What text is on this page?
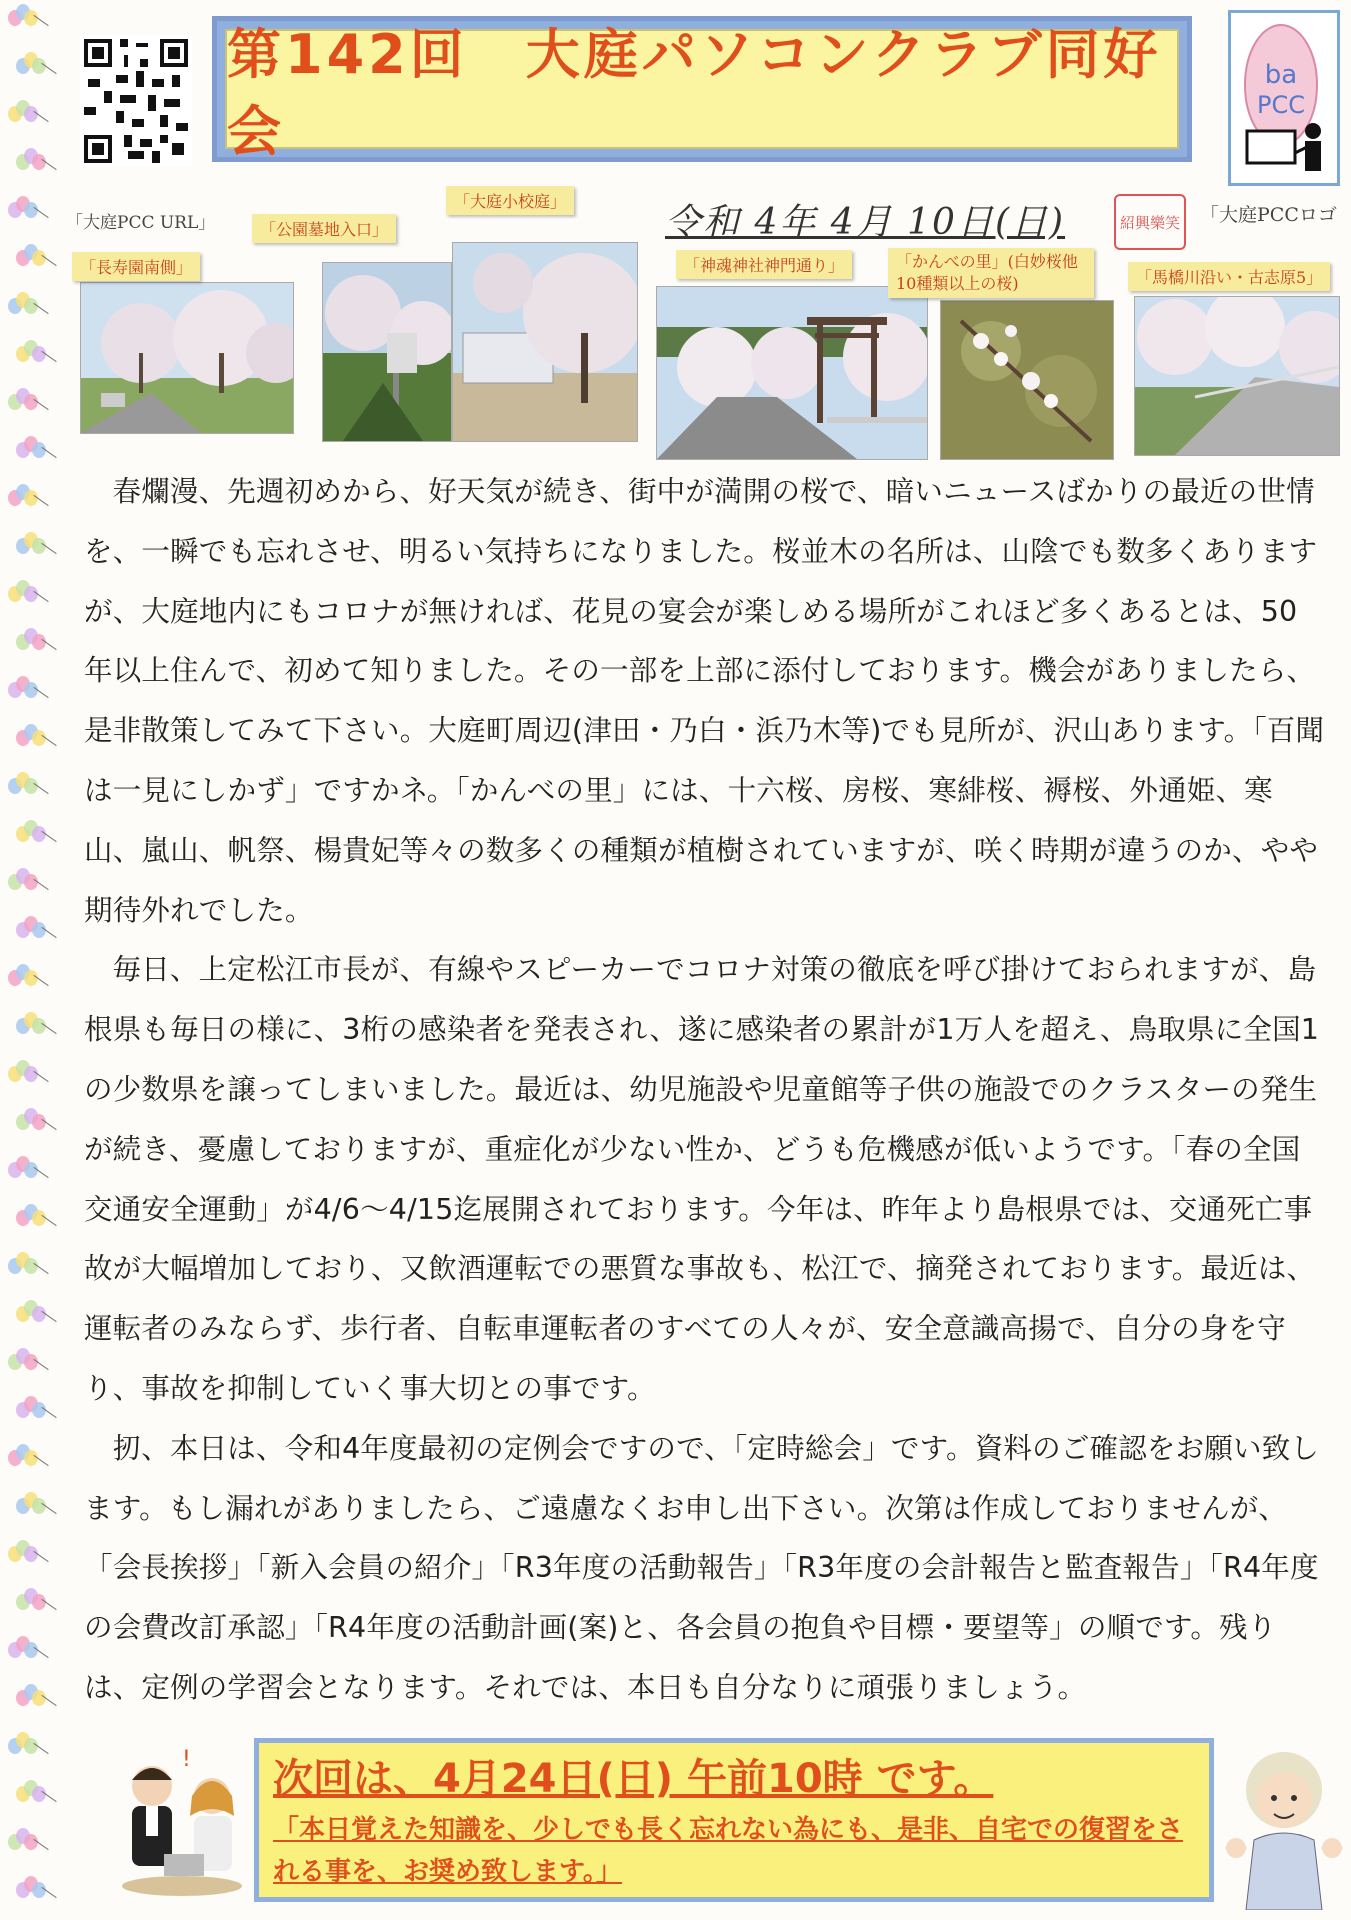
「大庭PCC URL」
第142回　大庭パソコンクラブ同好会
ba
PCC
「大庭PCCロゴ
令和 4年 4月 10日(日)	紹 興 樂 笑
「長寿園南側」
「公園墓地入口」
「大庭小校庭」
「神魂神社神門通り」	「かんべの里」(白妙桜他10種類以上の桜)	「馬橋川沿い・古志原5」

春爛漫、先週初めから、好天気が続き、街中が満開の桜で、暗いニュースばかりの最近の世情を、一瞬でも忘れさせ、明るい気持ちになりました。桜並木の名所は、山陰でも数多くありますが、大庭地内にもコロナが無ければ、花見の宴会が楽しめる場所がこれほど多くあるとは、50年以上住んで、初めて知りました。その一部を上部に添付しております。機会がありましたら、是非散策してみて下さい。大庭町周辺(津田・乃白・浜乃木等)でも見所が、沢山あります。「百聞は一見にしかず」ですかネ。「かんべの里」には、十六桜、房桜、寒緋桜、褥桜、外通姫、寒山、嵐山、帆祭、楊貴妃等々の数多くの種類が植樹されていますが、咲く時期が違うのか、やや期待外れでした。

毎日、上定松江市長が、有線やスピーカーでコロナ対策の徹底を呼び掛けておられますが、島根県も毎日の様に、3桁の感染者を発表され、遂に感染者の累計が1万人を超え、鳥取県に全国1の少数県を譲ってしまいました。最近は、幼児施設や児童館等子供の施設でのクラスターの発生が続き、憂慮しておりますが、重症化が少ない性か、どうも危機感が低いようです。「春の全国交通安全運動」が4/6～4/15迄展開されております。今年は、昨年より島根県では、交通死亡事故が大幅増加しており、又飲酒運転での悪質な事故も、松江で、摘発されております。最近は、運転者のみならず、歩行者、自転車運転者のすべての人々が、安全意識高揚で、自分の身を守り、事故を抑制していく事大切との事です。

扨、本日は、令和4年度最初の定例会ですので、「定時総会」です。資料のご確認をお願い致します。もし漏れがありましたら、ご遠慮なくお申し出下さい。次第は作成しておりませんが、「会長挨拶」「新入会員の紹介」「R3年度の活動報告」「R3年度の会計報告と監査報告」「R4年度の会費改訂承認」「R4年度の活動計画(案)と、各会員の抱負や目標・要望等」の順です。残りは、定例の学習会となります。それでは、本日も自分なりに頑張りましょう。

! 次回は、4月24日(日) 午前10時 です。

「本日覚えた知識を、少しでも長く忘れない為にも、是非、自宅での復習をされる事を、お奨め致します。」
